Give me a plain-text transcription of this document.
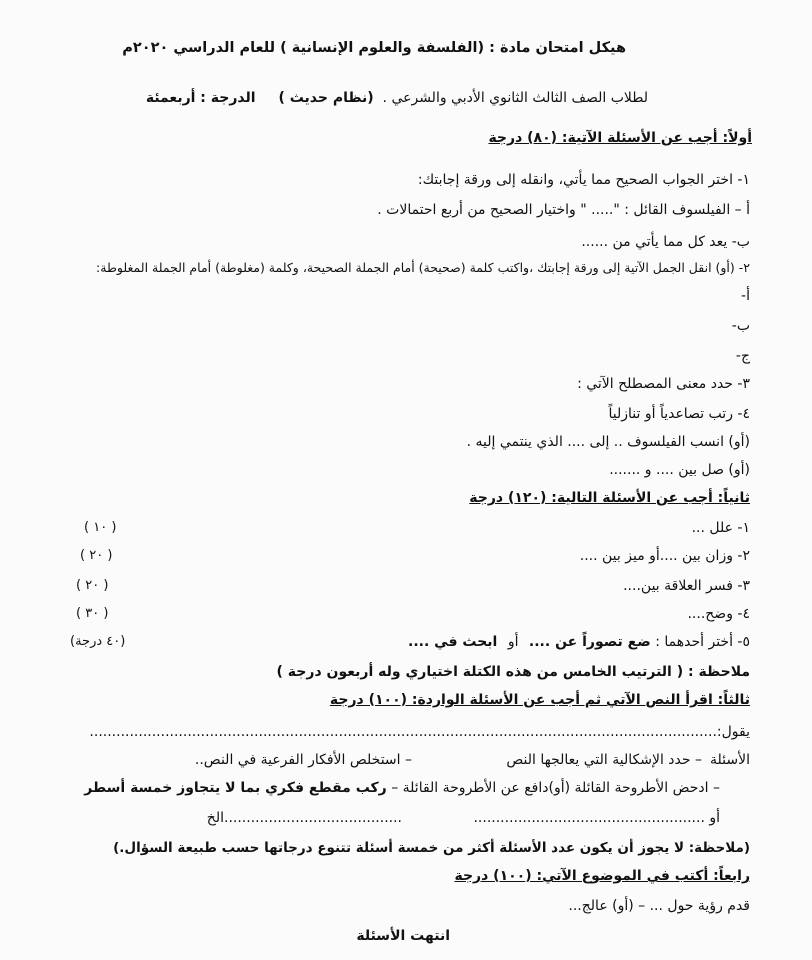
هيكل امتحان مادة : (الفلسفة والعلوم الإنسانية ) للعام الدراسي ٢٠٢٠م
لطلاب الصف الثالث الثانوي الأدبي والشرعي . (نظام حديث ) الدرجة : أربعمئة
أولاً: أجب عن الأسئلة الآتية: (٨٠) درجة
١- اختر الجواب الصحيح مما يأتي، وانقله إلى ورقة إجابتك:
أ – الفيلسوف القائل : "..... " واختيار الصحيح من أربع احتمالات .
ب- يعد كل مما يأتي من ......
٢- (أو) انقل الجمل الآتية إلى ورقة إجابتك ،واكتب كلمة (صحيحة) أمام الجملة الصحيحة، وكلمة (مغلوطة) أمام الجملة المغلوطة:
أ-
ب-
ج-
٣- حدد معنى المصطلح الآتي :
٤- رتب تصاعدياً أو تنازلياً
(أو) انسب الفيلسوف .. إلى .... الذي ينتمي إليه .
(أو) صل بين .... و .......
ثانياً: أجب عن الأسئلة التالية: (١٢٠) درجة
١- علل ...
( ١٠ )
٢- وزان بين ....أو ميز بين ....
( ٢٠ )
٣- فسر العلاقة بين....
( ٢٠ )
٤- وضح....
( ٣٠ )
٥- أختر أحدهما : ضع تصوراً عن .... أو ابحث في ....
(٤٠ درجة)
ملاحظة : ( الترتيب الخامس من هذه الكتلة اختياري وله أربعون درجة )
ثالثاً: اقرأ النص الآتي ثم أجب عن الأسئلة الواردة: (١٠٠) درجة
يقول:.............................................................................................................................................
الأسئلة
– حدد الإشكالية التي يعالجها النص
– استخلص الأفكار الفرعية في النص..
– ادحض الأطروحة القائلة (أو)دافع عن الأطروحة القائلة – ركب مقطع فكري بما لا يتجاوز خمسة أسطر
أو ....................................................
........................................الخ
(ملاحظة: لا يجوز أن يكون عدد الأسئلة أكثر من خمسة أسئلة تتنوع درجاتها حسب طبيعة السؤال.)
رابعاً: أكتب في الموضوع الآتي: (١٠٠) درجة
قدم رؤية حول ... – (أو) عالج...
انتهت الأسئلة
